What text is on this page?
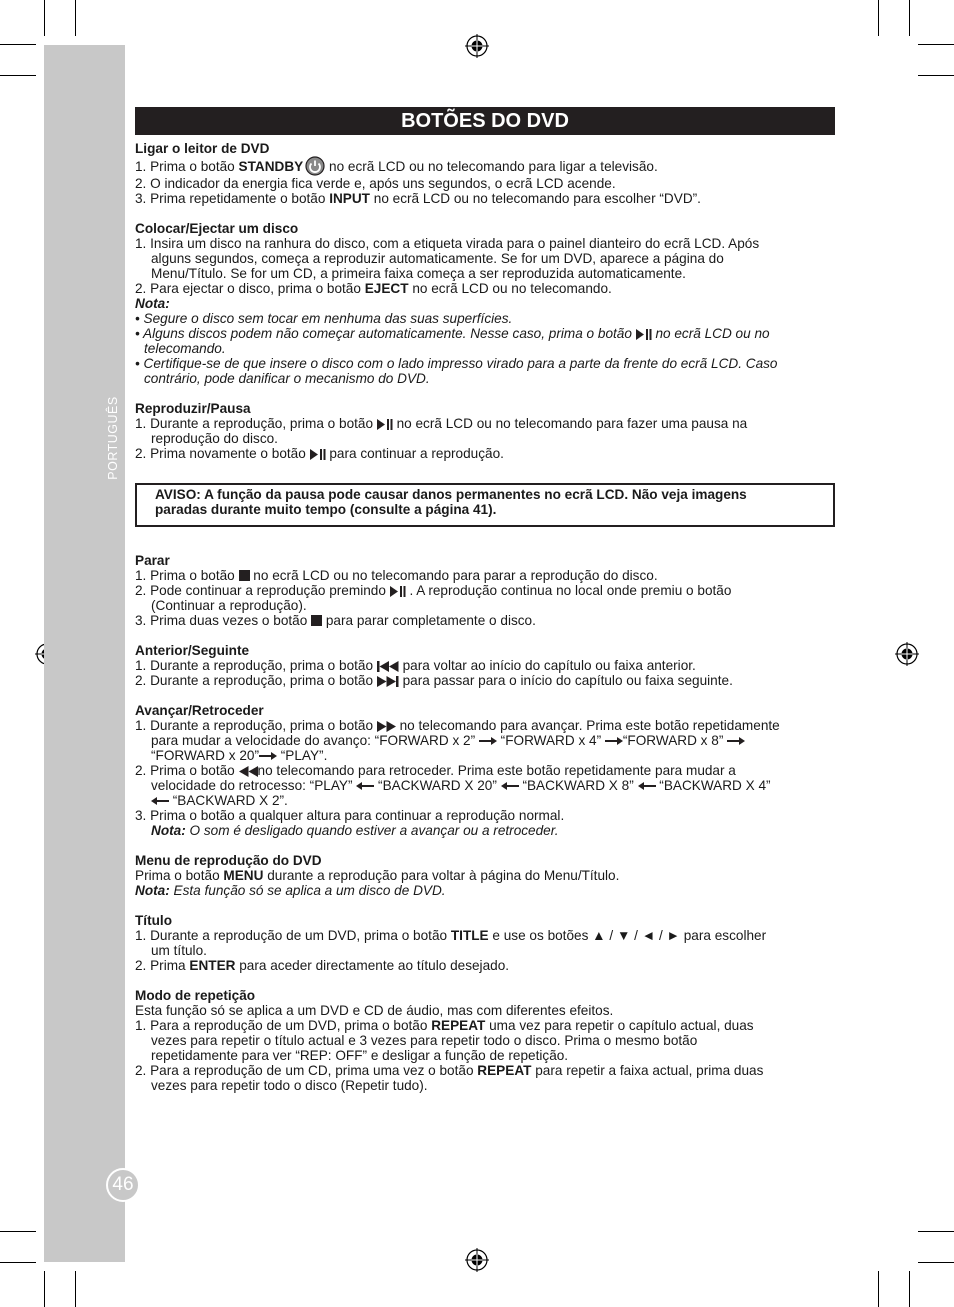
PORTUGUÊS
46
BOTÕES DO DVD

Ligar o leitor de DVD

1. Prima o botão STANDBY no ecrã LCD ou no telecomando para ligar a televisão.

2. O indicador da energia fica verde e, após uns segundos, o ecrã LCD acende.

3. Prima repetidamente o botão INPUT no ecrã LCD ou no telecomando para escolher “DVD”.

Colocar/Ejectar um disco

1. Insira um disco na ranhura do disco, com a etiqueta virada para o painel dianteiro do ecrã LCD. Após

alguns segundos, começa a reproduzir automaticamente. Se for um DVD, aparece a página do

Menu/Título. Se for um CD, a primeira faixa começa a ser reproduzida automaticamente.

2. Para ejectar o disco, prima o botão EJECT no ecrã LCD ou no telecomando.

Nota:

• Segure o disco sem tocar em nenhuma das suas superfícies.

• Alguns discos podem não começar automaticamente. Nesse caso, prima o botão  no ecrã LCD ou no

telecomando.

• Certifique-se de que insere o disco com o lado impresso virado para a parte da frente do ecrã LCD. Caso

contrário, pode danificar o mecanismo do DVD.

Reproduzir/Pausa

1. Durante a reprodução, prima o botão  no ecrã LCD ou no telecomando para fazer uma pausa na

reprodução do disco.

2. Prima novamente o botão  para continuar a reprodução.

AVISO: A função da pausa pode causar danos permanentes no ecrã LCD. Não veja imagens

paradas durante muito tempo (consulte a página 41).

Parar

1. Prima o botão  no ecrã LCD ou no telecomando para parar a reprodução do disco.

2. Pode continuar a reprodução premindo  . A reprodução continua no local onde premiu o botão

(Continuar a reprodução).

3. Prima duas vezes o botão  para parar completamente o disco.

Anterior/Seguinte

1. Durante a reprodução, prima o botão  para voltar ao início do capítulo ou faixa anterior.

2. Durante a reprodução, prima o botão  para passar para o início do capítulo ou faixa seguinte.

Avançar/Retroceder

1. Durante a reprodução, prima o botão  no telecomando para avançar. Prima este botão repetidamente

para mudar a velocidade do avanço: “FORWARD x 2”  “FORWARD x 4” “FORWARD x 8”

“FORWARD x 20” “PLAY”.

2. Prima o botão no telecomando para retroceder. Prima este botão repetidamente para mudar a

velocidade do retrocesso: “PLAY”  “BACKWARD X 20”  “BACKWARD X 8”  “BACKWARD X 4”

“BACKWARD X 2”.

3. Prima o botão a qualquer altura para continuar a reprodução normal.

Nota: O som é desligado quando estiver a avançar ou a retroceder.

Menu de reprodução do DVD

Prima o botão MENU durante a reprodução para voltar à página do Menu/Título.

Nota: Esta função só se aplica a um disco de DVD.

Título

1. Durante a reprodução de um DVD, prima o botão TITLE e use os botões ▲ / ▼ / ◄ / ► para escolher

um título.

2. Prima ENTER para aceder directamente ao título desejado.

Modo de repetição

Esta função só se aplica a um DVD e CD de áudio, mas com diferentes efeitos.

1. Para a reprodução de um DVD, prima o botão REPEAT uma vez para repetir o capítulo actual, duas

vezes para repetir o título actual e 3 vezes para repetir todo o disco. Prima o mesmo botão

repetidamente para ver “REP: OFF” e desligar a função de repetição.

2. Para a reprodução de um CD, prima uma vez o botão REPEAT para repetir a faixa actual, prima duas

vezes para repetir todo o disco (Repetir tudo).
